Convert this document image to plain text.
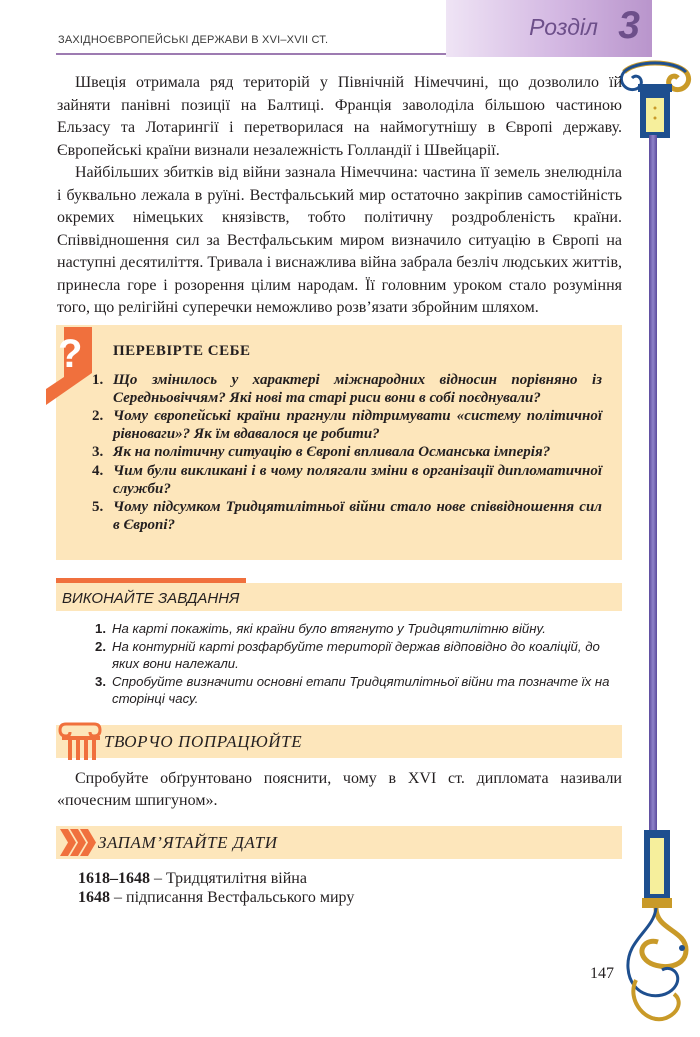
ЗАХІДНОЄВРОПЕЙСЬКІ ДЕРЖАВИ В XVI–XVII СТ.	Розділ 3

Швеція отримала ряд територій у Північній Німеччині, що дозволило їй зайняти панівні позиції на Балтиці. Франція заволоділа більшою частиною Ельзасу та Лотарингії і перетворилася на наймогутнішу в Європі державу. Європейські країни визнали незалежність Голландії і Швейцарії.

Найбільших збитків від війни зазнала Німеччина: частина її земель знелюдніла і буквально лежала в руїні. Вестфальський мир остаточно закріпив самостійність окремих німецьких князівств, тобто політичну роздробленість країни. Співвідношення сил за Вестфальським миром визначило ситуацію в Європі на наступні десятиліття. Тривала і виснажлива війна забрала безліч людських життів, принесла горе і розорення цілим народам. Її головним уроком стало розуміння того, що релігійні суперечки неможливо розв’язати збройним шляхом.

? ПЕРЕВІРТЕ СЕБЕ
1. Що змінилось у характері міжнародних відносин порівняно із Середньовіччям? Які нові та старі риси вони в собі поєднували?
2. Чому європейські країни прагнули підтримувати «систему політичної рівноваги»? Як їм вдавалося це робити?
3. Як на політичну ситуацію в Європі впливала Османська імперія?
4. Чим були викликані і в чому полягали зміни в організації дипломатичної служби?
5. Чому підсумком Тридцятилітньої війни стало нове співвідношення сил в Європі?
ВИКОНАЙТЕ ЗАВДАННЯ
1. На карті покажіть, які країни було втягнуто у Тридцятилітню війну.
2. На контурній карті розфарбуйте території держав відповідно до коаліцій, до яких вони належали.
3. Спробуйте визначити основні етапи Тридцятилітньої війни та позначте їх на сторінці часу.
ТВОРЧО ПОПРАЦЮЙТЕ

Спробуйте обґрунтовано пояснити, чому в XVI ст. дипломата називали «почесним шпигуном».

ЗАПАМ’ЯТАЙТЕ ДАТИ
1618–1648 – Тридцятилітня війна
1648 – підписання Вестфальського миру
147
